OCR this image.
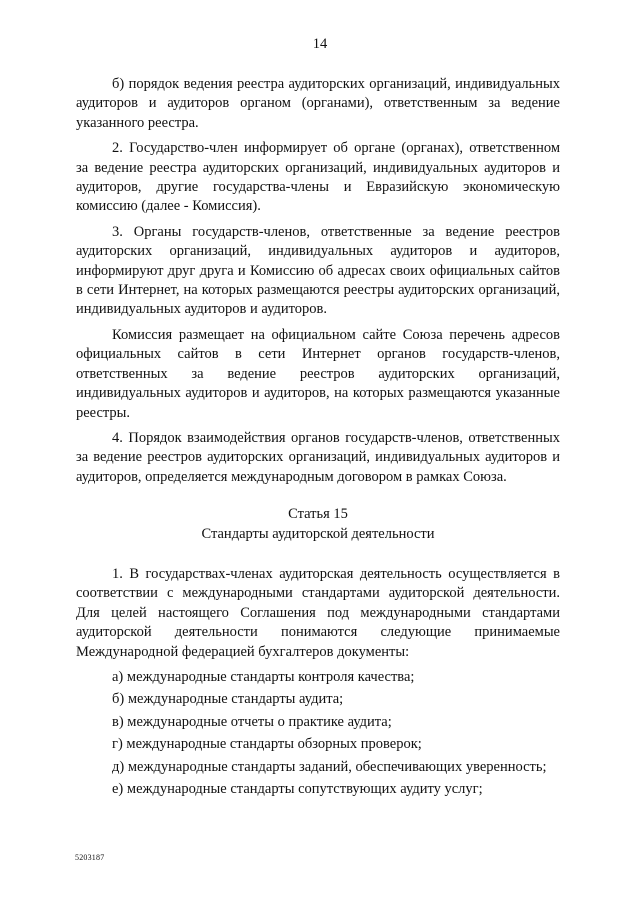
14

б) порядок ведения реестра аудиторских организаций, индивидуальных аудиторов и аудиторов органом (органами), ответственным за ведение указанного реестра.

2. Государство-член информирует об органе (органах), ответственном за ведение реестра аудиторских организаций, индивидуальных аудиторов и аудиторов, другие государства-члены и Евразийскую экономическую комиссию (далее - Комиссия).

3. Органы государств-членов, ответственные за ведение реестров аудиторских организаций, индивидуальных аудиторов и аудиторов, информируют друг друга и Комиссию об адресах своих официальных сайтов в сети Интернет, на которых размещаются реестры аудиторских организаций, индивидуальных аудиторов и аудиторов.

Комиссия размещает на официальном сайте Союза перечень адресов официальных сайтов в сети Интернет органов государств-членов, ответственных за ведение реестров аудиторских организаций, индивидуальных аудиторов и аудиторов, на которых размещаются указанные реестры.

4. Порядок взаимодействия органов государств-членов, ответственных за ведение реестров аудиторских организаций, индивидуальных аудиторов и аудиторов, определяется международным договором в рамках Союза.

Статья 15
Стандарты аудиторской деятельности

1. В государствах-членах аудиторская деятельность осуществляется в соответствии с международными стандартами аудиторской деятельности. Для целей настоящего Соглашения под международными стандартами аудиторской деятельности понимаются следующие принимаемые Международной федерацией бухгалтеров документы:

а) международные стандарты контроля качества;

б) международные стандарты аудита;

в) международные отчеты о практике аудита;

г) международные стандарты обзорных проверок;

д) международные стандарты заданий, обеспечивающих уверенность;

е) международные стандарты сопутствующих аудиту услуг;

5203187
